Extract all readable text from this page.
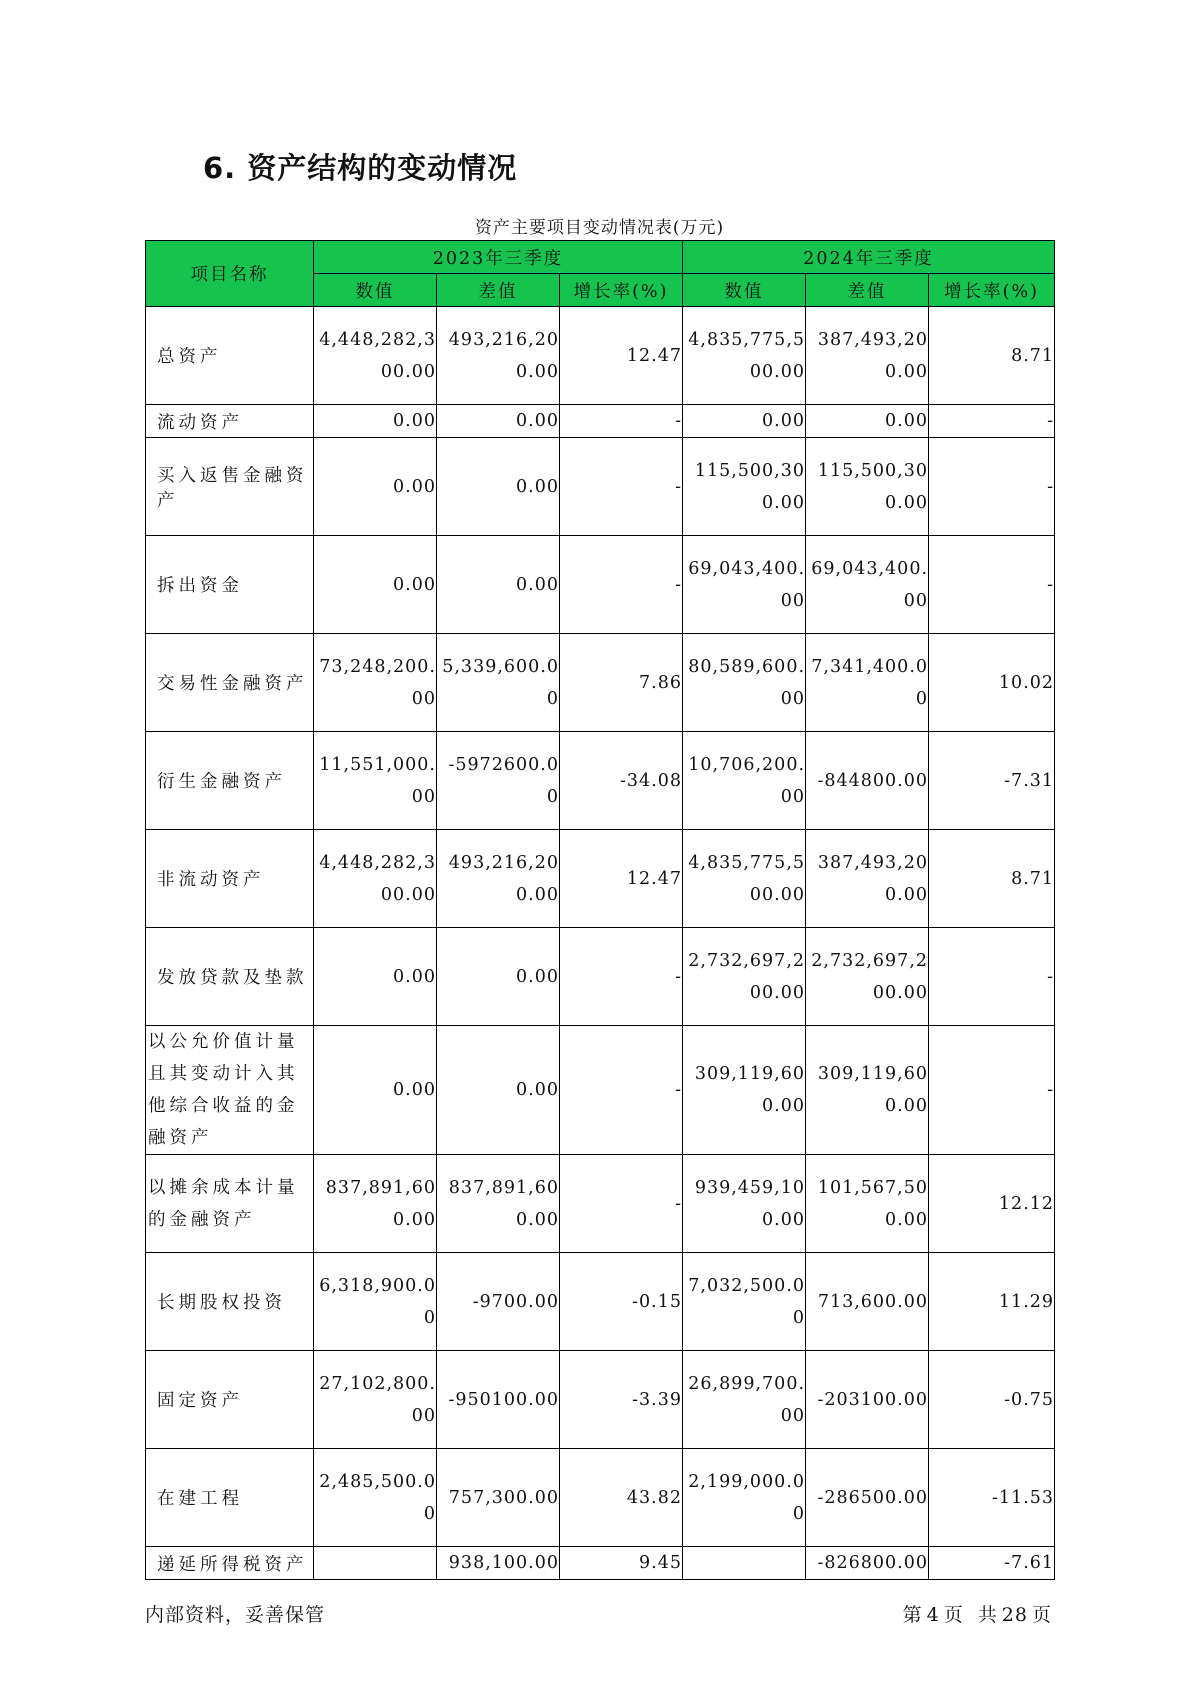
6. 资产结构的变动情况
资产主要项目变动情况表(万元)
项目名称	2023年三季度			2024年三季度		
	数值	差值	增长率(%)	数值	差值	增长率(%)
总资产	4,448,282,300.00	493,216,200.00	12.47	4,835,775,500.00	387,493,200.00	8.71
流动资产	0.00	0.00	-	0.00	0.00	-
买入返售金融资产	0.00	0.00	-	115,500,300.00	115,500,300.00	-
拆出资金	0.00	0.00	-	69,043,400.00	69,043,400.00	-
交易性金融资产	73,248,200.00	5,339,600.00	7.86	80,589,600.00	7,341,400.00	10.02
衍生金融资产	11,551,000.00	-5972600.00	-34.08	10,706,200.00	-844800.00	-7.31
非流动资产	4,448,282,300.00	493,216,200.00	12.47	4,835,775,500.00	387,493,200.00	8.71
发放贷款及垫款	0.00	0.00	-	2,732,697,200.00	2,732,697,200.00	-
以公允价值计量且其变动计入其他综合收益的金融资产	0.00	0.00	-	309,119,600.00	309,119,600.00	-
以摊余成本计量的金融资产	837,891,600.00	837,891,600.00	-	939,459,100.00	101,567,500.00	12.12
长期股权投资	6,318,900.00	-9700.00	-0.15	7,032,500.00	713,600.00	11.29
固定资产	27,102,800.00	-950100.00	-3.39	26,899,700.00	-203100.00	-0.75
在建工程	2,485,500.00	757,300.00	43.82	2,199,000.00	-286500.00	-11.53
递延所得税资产		938,100.00	9.45		-826800.00	-7.61
内部资料，妥善保管	第 4 页 共 28 页
